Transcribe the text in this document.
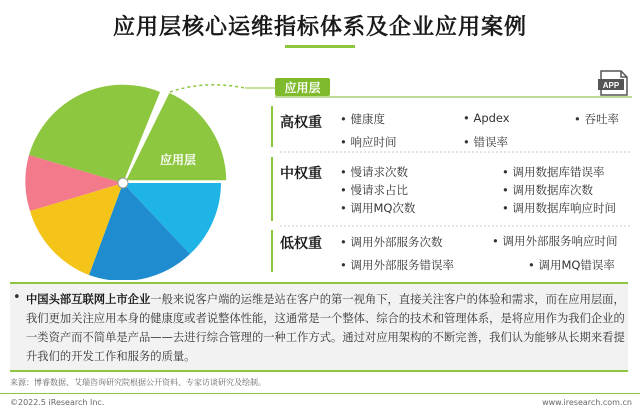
应用层核心运维指标体系及企业应用案例
应用层
应用层	APP
高权重	• 健康度	• Apdex	• 吞吐率
• 响应时间	• 错误率
中权重	• 慢请求次数	• 调用数据库错误率
• 慢请求占比	• 调用数据库次数
• 调用MQ次数	• 调用数据库响应时间
低权重	• 调用外部服务次数	• 调用外部服务响应时间
• 调用外部服务错误率	• 调用MQ错误率
• 中国头部互联网上市企业一般来说客户端的运维是站在客户的第一视角下，直接关注客户的体验和需求，而在应用层面，我们更加关注应用本身的健康度或者说整体性能，这通常是一个整体、综合的技术和管理体系，是将应用作为我们企业的一类资产而不简单是产品——去进行综合管理的一种工作方式。通过对应用架构的不断完善，我们认为能够从长期来看提升我们的开发工作和服务的质量。
来源：博睿数据、艾瑞咨询研究院根据公开资料、专家访谈研究及绘制。
©2022.5 iResearch Inc.	www.iresearch.com.cn
